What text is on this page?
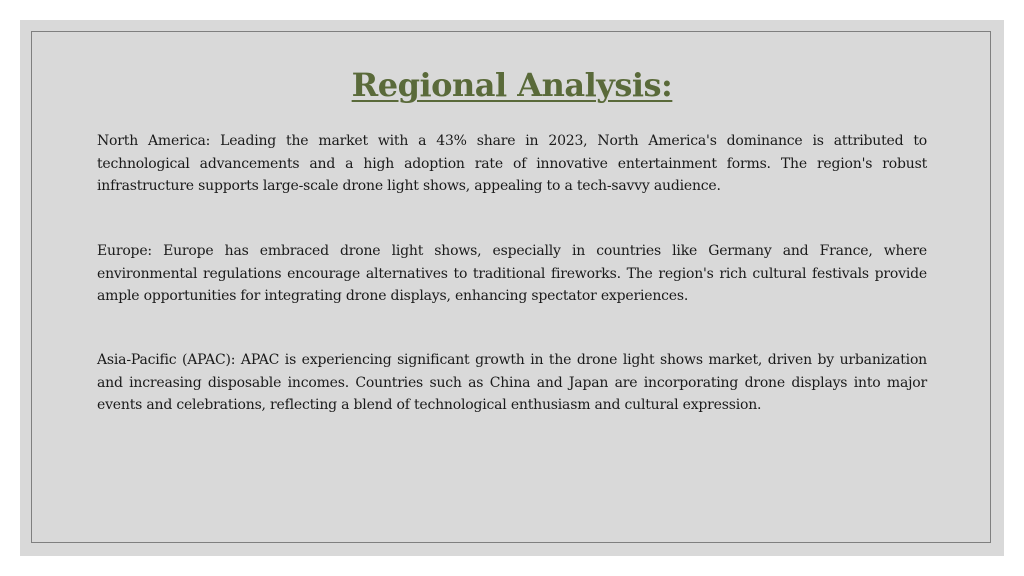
Regional Analysis:

North America: Leading the market with a 43% share in 2023, North America's dominance is attributed to technological advancements and a high adoption rate of innovative entertainment forms. The region's robust infrastructure supports large-scale drone light shows, appealing to a tech-savvy audience.

Europe: Europe has embraced drone light shows, especially in countries like Germany and France, where environmental regulations encourage alternatives to traditional fireworks. The region's rich cultural festivals provide ample opportunities for integrating drone displays, enhancing spectator experiences.

Asia-Pacific (APAC): APAC is experiencing significant growth in the drone light shows market, driven by urbanization and increasing disposable incomes. Countries such as China and Japan are incorporating drone displays into major events and celebrations, reflecting a blend of technological enthusiasm and cultural expression.
